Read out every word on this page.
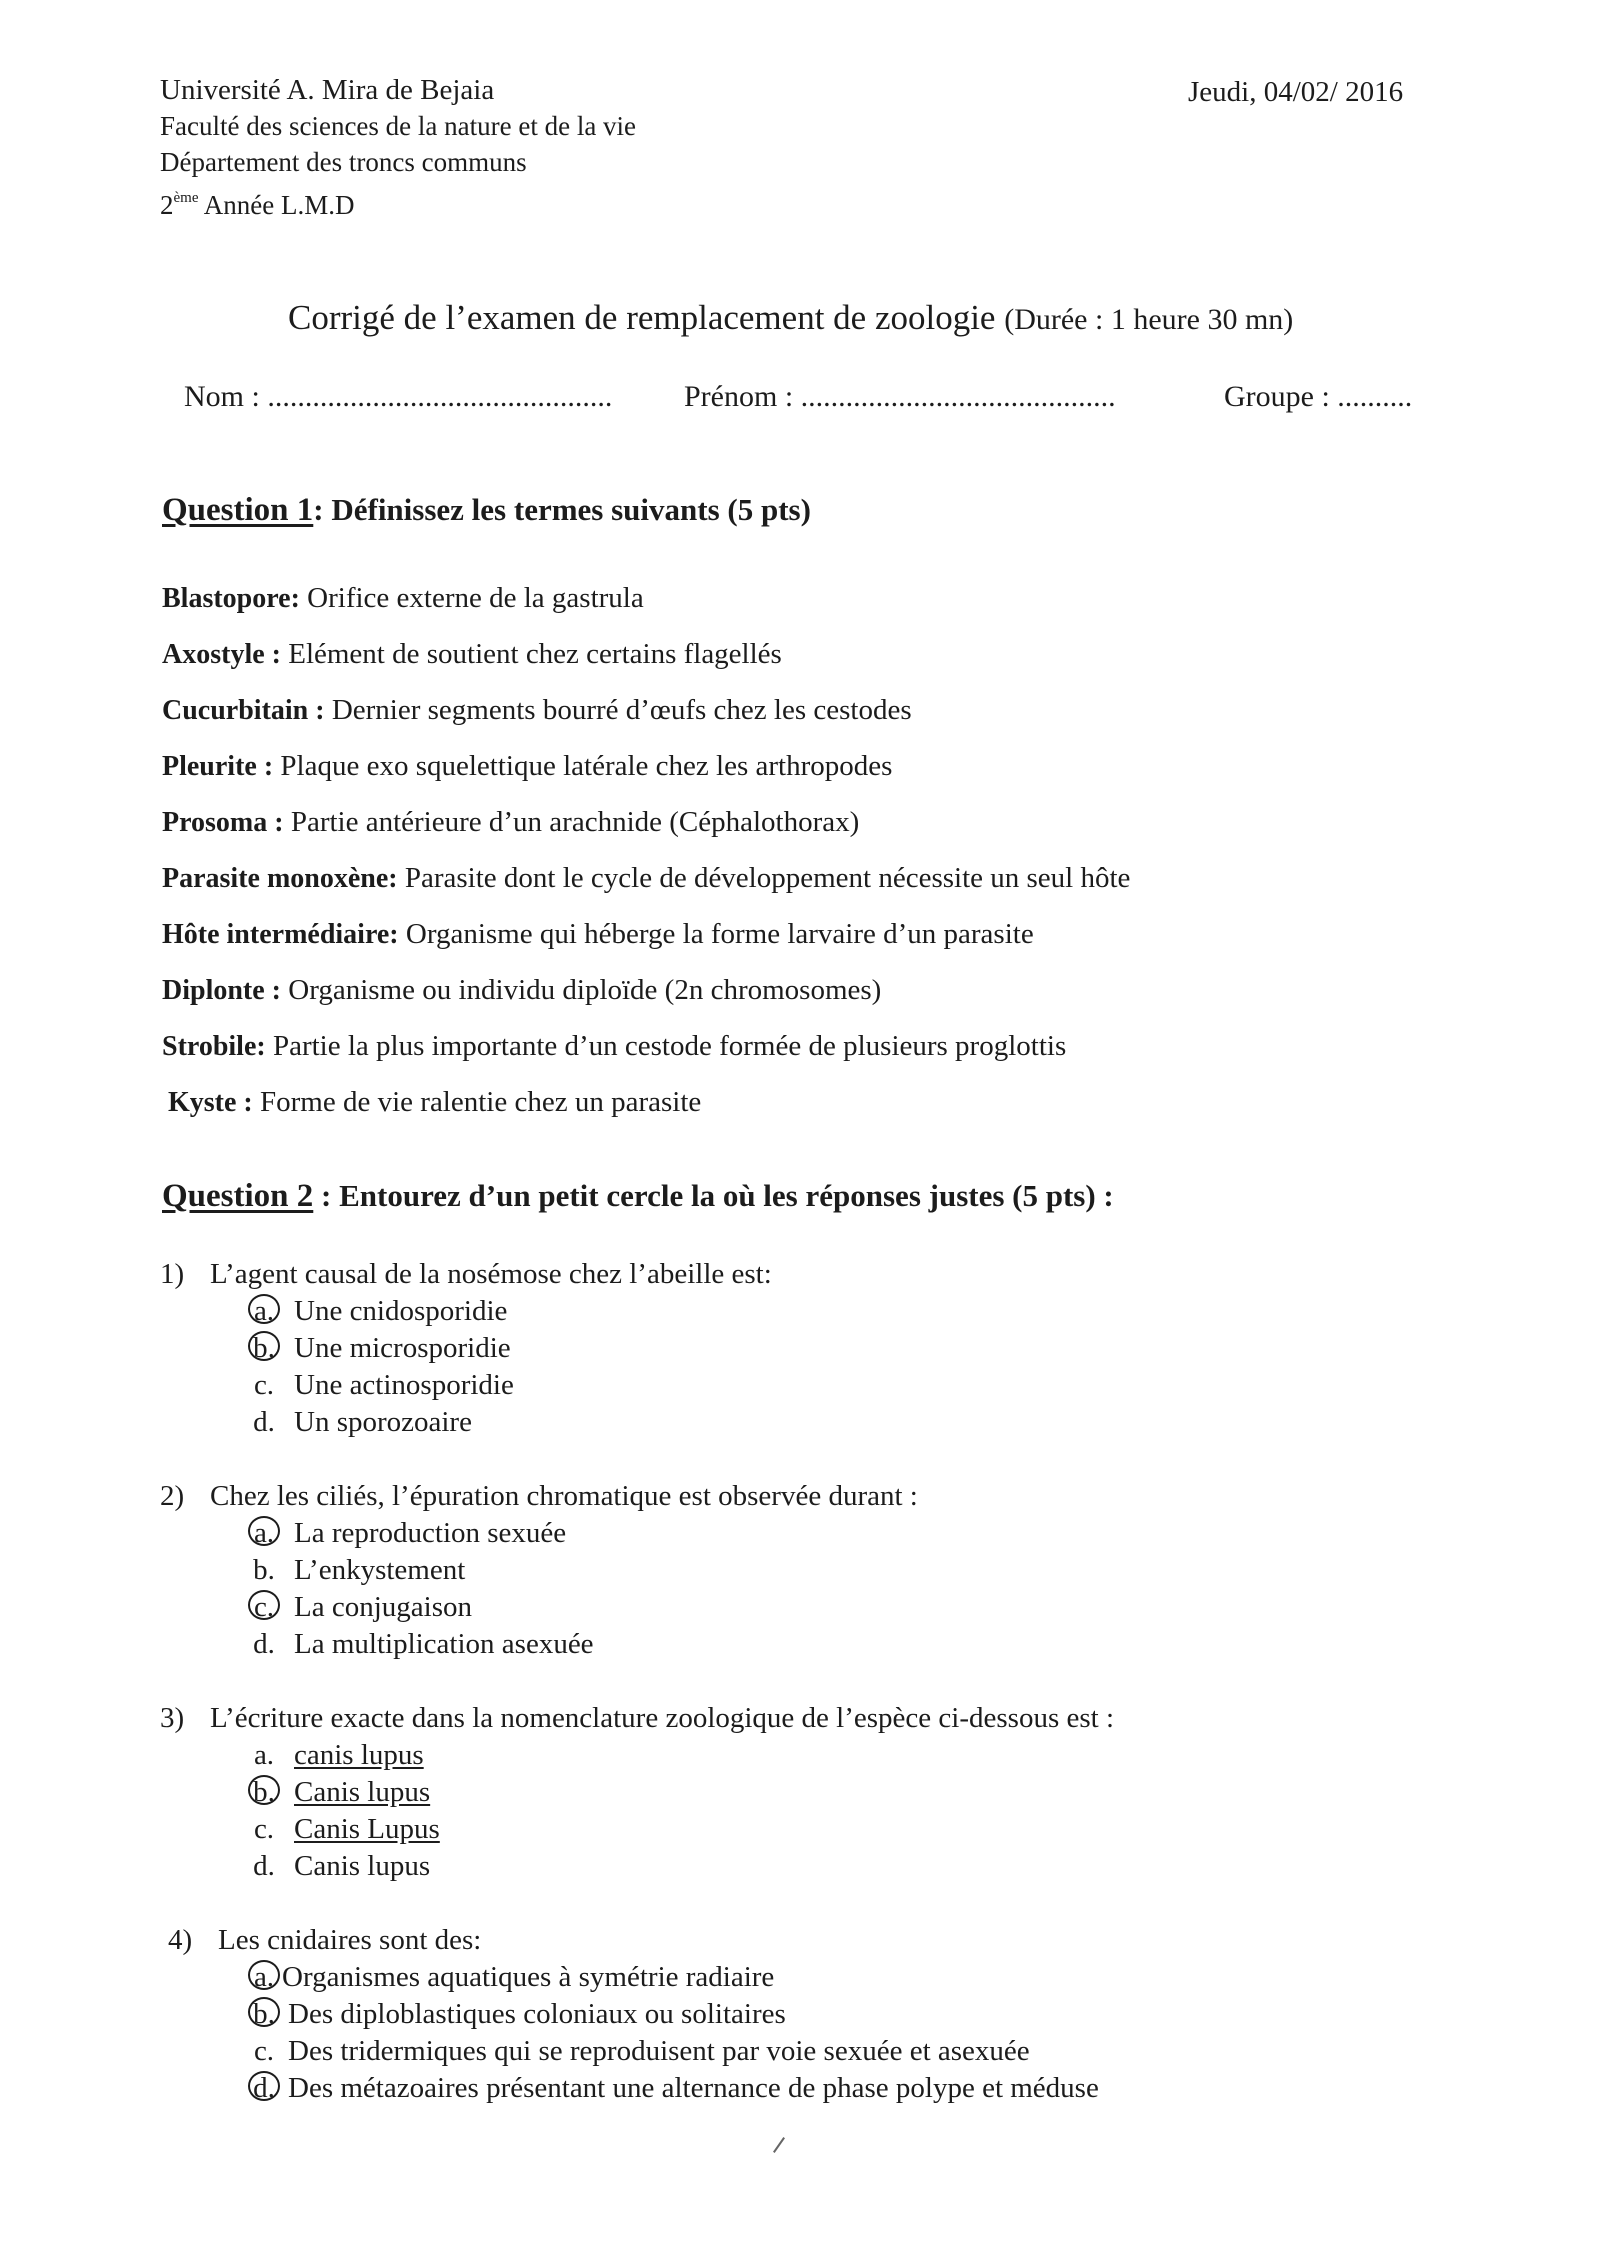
Université A. Mira de Bejaia
Faculté des sciences de la nature et de la vie
Département des troncs communs
2ème Année L.M.D
Jeudi, 04/02/ 2016
Corrigé de l’examen de remplacement de zoologie (Durée : 1 heure 30 mn)
Nom : .............................................. Prénom : ..........................................	Groupe : ..........
Question 1: Définissez les termes suivants (5 pts)
Blastopore: Orifice externe de la gastrula
Axostyle : Elément de soutient chez certains flagellés
Cucurbitain : Dernier segments bourré d’œufs chez les cestodes
Pleurite : Plaque exo squelettique latérale chez les arthropodes
Prosoma : Partie antérieure d’un arachnide (Céphalothorax)
Parasite monoxène: Parasite dont le cycle de développement nécessite un seul hôte
Hôte intermédiaire: Organisme qui héberge la forme larvaire d’un parasite
Diplonte : Organisme ou individu diploïde (2n chromosomes)
Strobile: Partie la plus importante d’un cestode formée de plusieurs proglottis
Kyste : Forme de vie ralentie chez un parasite
Question 2 : Entourez d’un petit cercle la où les réponses justes (5 pts) :
1) L’agent causal de la nosémose chez l’abeille est:
a. Une cnidosporidie
b. Une microsporidie
c. Une actinosporidie
d. Un sporozoaire
2) Chez les ciliés, l’épuration chromatique est observée durant :
a. La reproduction sexuée
b. L’enkystement
c. La conjugaison
d. La multiplication asexuée
3) L’écriture exacte dans la nomenclature zoologique de l’espèce ci-dessous est :
a. canis lupus
b. Canis lupus
c. Canis Lupus
d. Canis lupus
4) Les cnidaires sont des:
a. Organismes aquatiques à symétrie radiaire
b. Des diploblastiques coloniaux ou solitaires
c. Des tridermiques qui se reproduisent par voie sexuée et asexuée
d. Des métazoaires présentant une alternance de phase polype et méduse
